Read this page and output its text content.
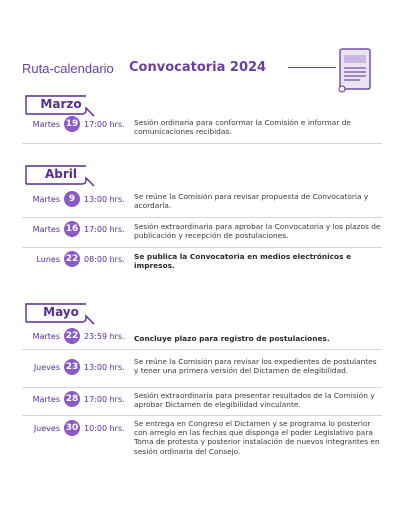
Ruta-calendario Convocatoria 2024
Marzo
Martes 19 17:00 hrs. Sesión ordinaria para conformar la Comisión e informar de comunicaciones recibidas.
Abril
Martes 9	13:00 hrs. Se reúne la Comisión para revisar propuesta de Convocatoria y acordarla.
Martes 16 17:00 hrs. Sesión extraordinaria para aprobar la Convocatoria y los plazos de publicación y recepción de postulaciones.
Lunes 22 08:00 hrs. Se publica la Convocatoria en medios electrónicos e impresos.
Mayo
Martes 22 23:59 hrs. Concluye plazo para registro de postulaciones.
Jueves 23 13:00 hrs.
Se reúne la Comisión para revisar los expedientes de postulantes y tener una primera versión del Dictamen de elegibilidad.
Martes 28 17:00 hrs. Sesión extraordinaria para presentar resultados de la Comisión y aprobar Dictamen de elegibilidad vinculante.
Jueves 30 10:00 hrs.
Se entrega en Congreso el Dictamen y se programa lo posterior con arreglo en las fechas que disponga el poder Legislativo para Toma de protesta y posterior instalación de nuevos integrantes en sesión ordinaria del Consejo.
